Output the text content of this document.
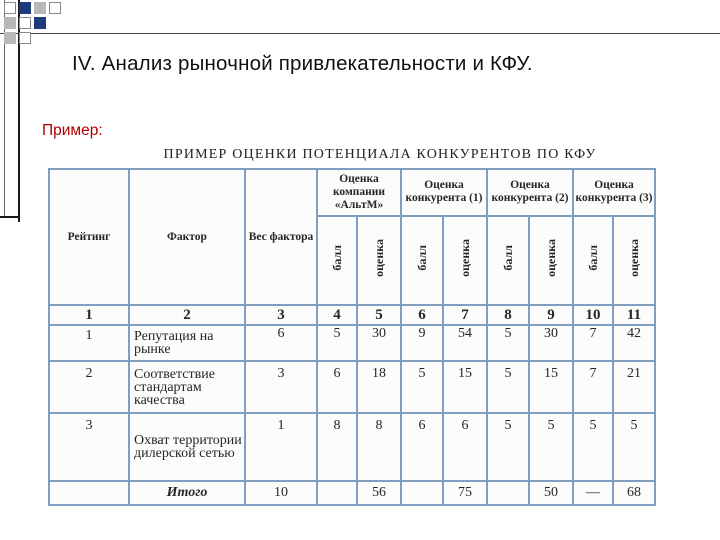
IV. Анализ рыночной привлекательности и КФУ.
Пример:
ПРИМЕР ОЦЕНКИ ПОТЕНЦИАЛА КОНКУРЕНТОВ ПО КФУ
Рейтинг	Фактор	Вес фактора	Оценка компании «АльтМ»		Оценка конкурента (1)		Оценка конкурента (2)		Оценка конкурента (3)	
			балл	оценка	балл	оценка	балл	оценка	балл	оценка
1	2	3	4	5	6	7	8	9	10	11
1	Репутация на рынке	6	5	30	9	54	5	30	7	42
2	Соответствие стандартам качества	3	6	18	5	15	5	15	7	21
3	Охват территории дилерской сетью	1	8	8	6	6	5	5	5	5
	Итого	10		56		75		50	—	68
